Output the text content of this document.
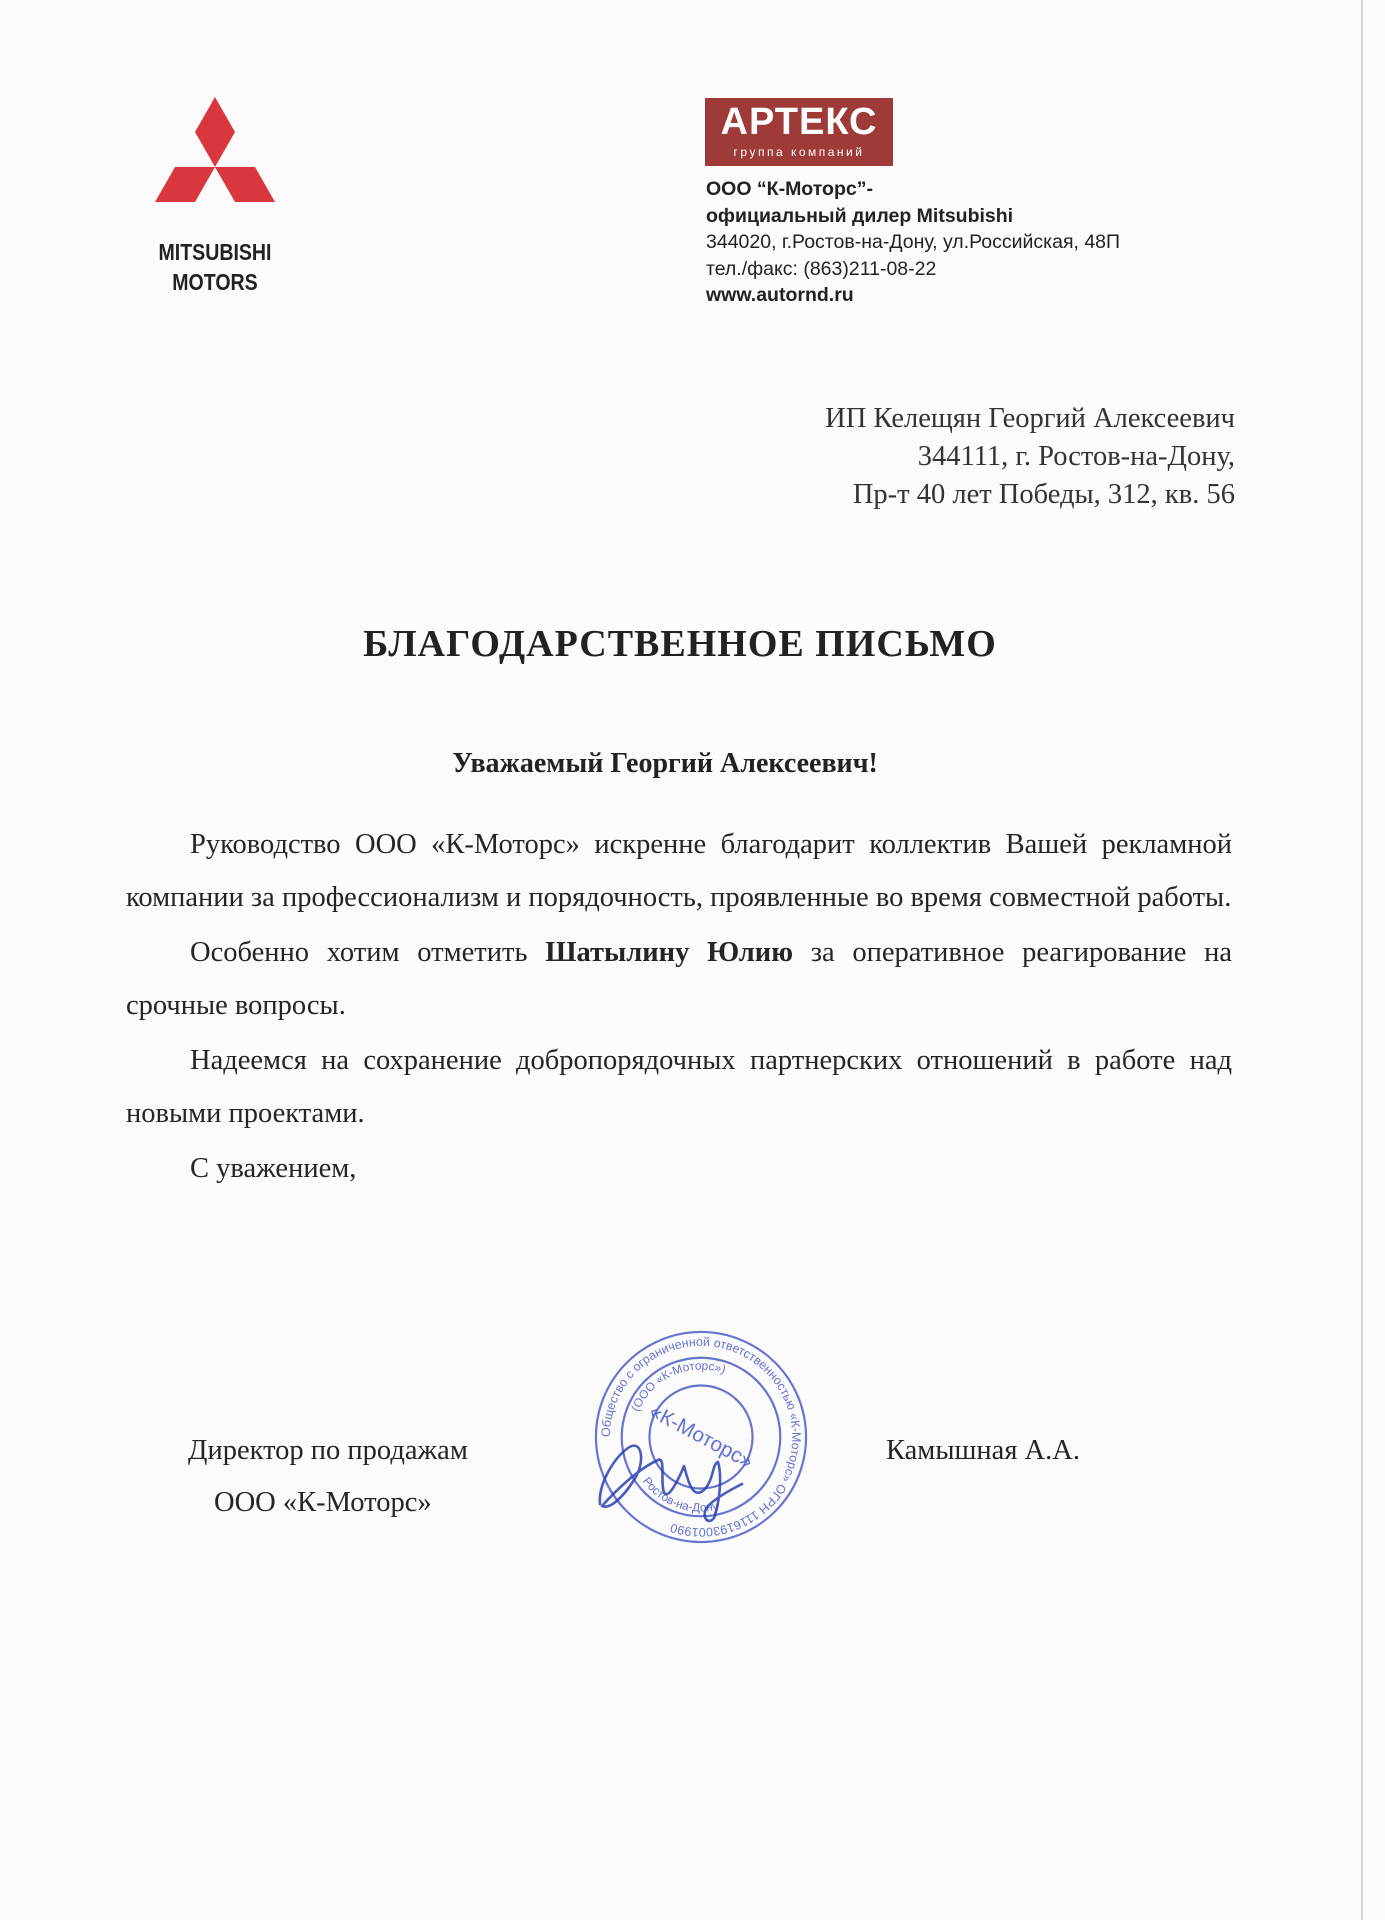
MITSUBISHI
MOTORS
АРТЕКС
группа компаний
ООО “К-Моторс”-
официальный дилер Mitsubishi
344020, г.Ростов-на-Дону, ул.Российская, 48П
тел./факс: (863)211-08-22
www.autornd.ru
ИП Келещян Георгий Алексеевич
344111, г. Ростов-на-Дону,
Пр-т 40 лет Победы, 312, кв. 56
БЛАГОДАРСТВЕННОЕ ПИСЬМО
Уважаемый Георгий Алексеевич!

Руководство ООО «К-Моторс» искренне благодарит коллектив Вашей рекламной компании за профессионализм и порядочность, проявленные во время совместной работы.

Особенно хотим отметить Шатылину Юлию за оперативное реагирование на срочные вопросы.

Надеемся на сохранение добропорядочных партнерских отношений в работе над новыми проектами.

С уважением,
Директор по продажам
ООО «К-Моторс»
Камышная А.А.
Общество с ограниченной ответственностью «К-Моторс» ОГРН 1116193001990
(ООО «К-Моторс»)
Ростов-на-Дону
«К-Моторс»
